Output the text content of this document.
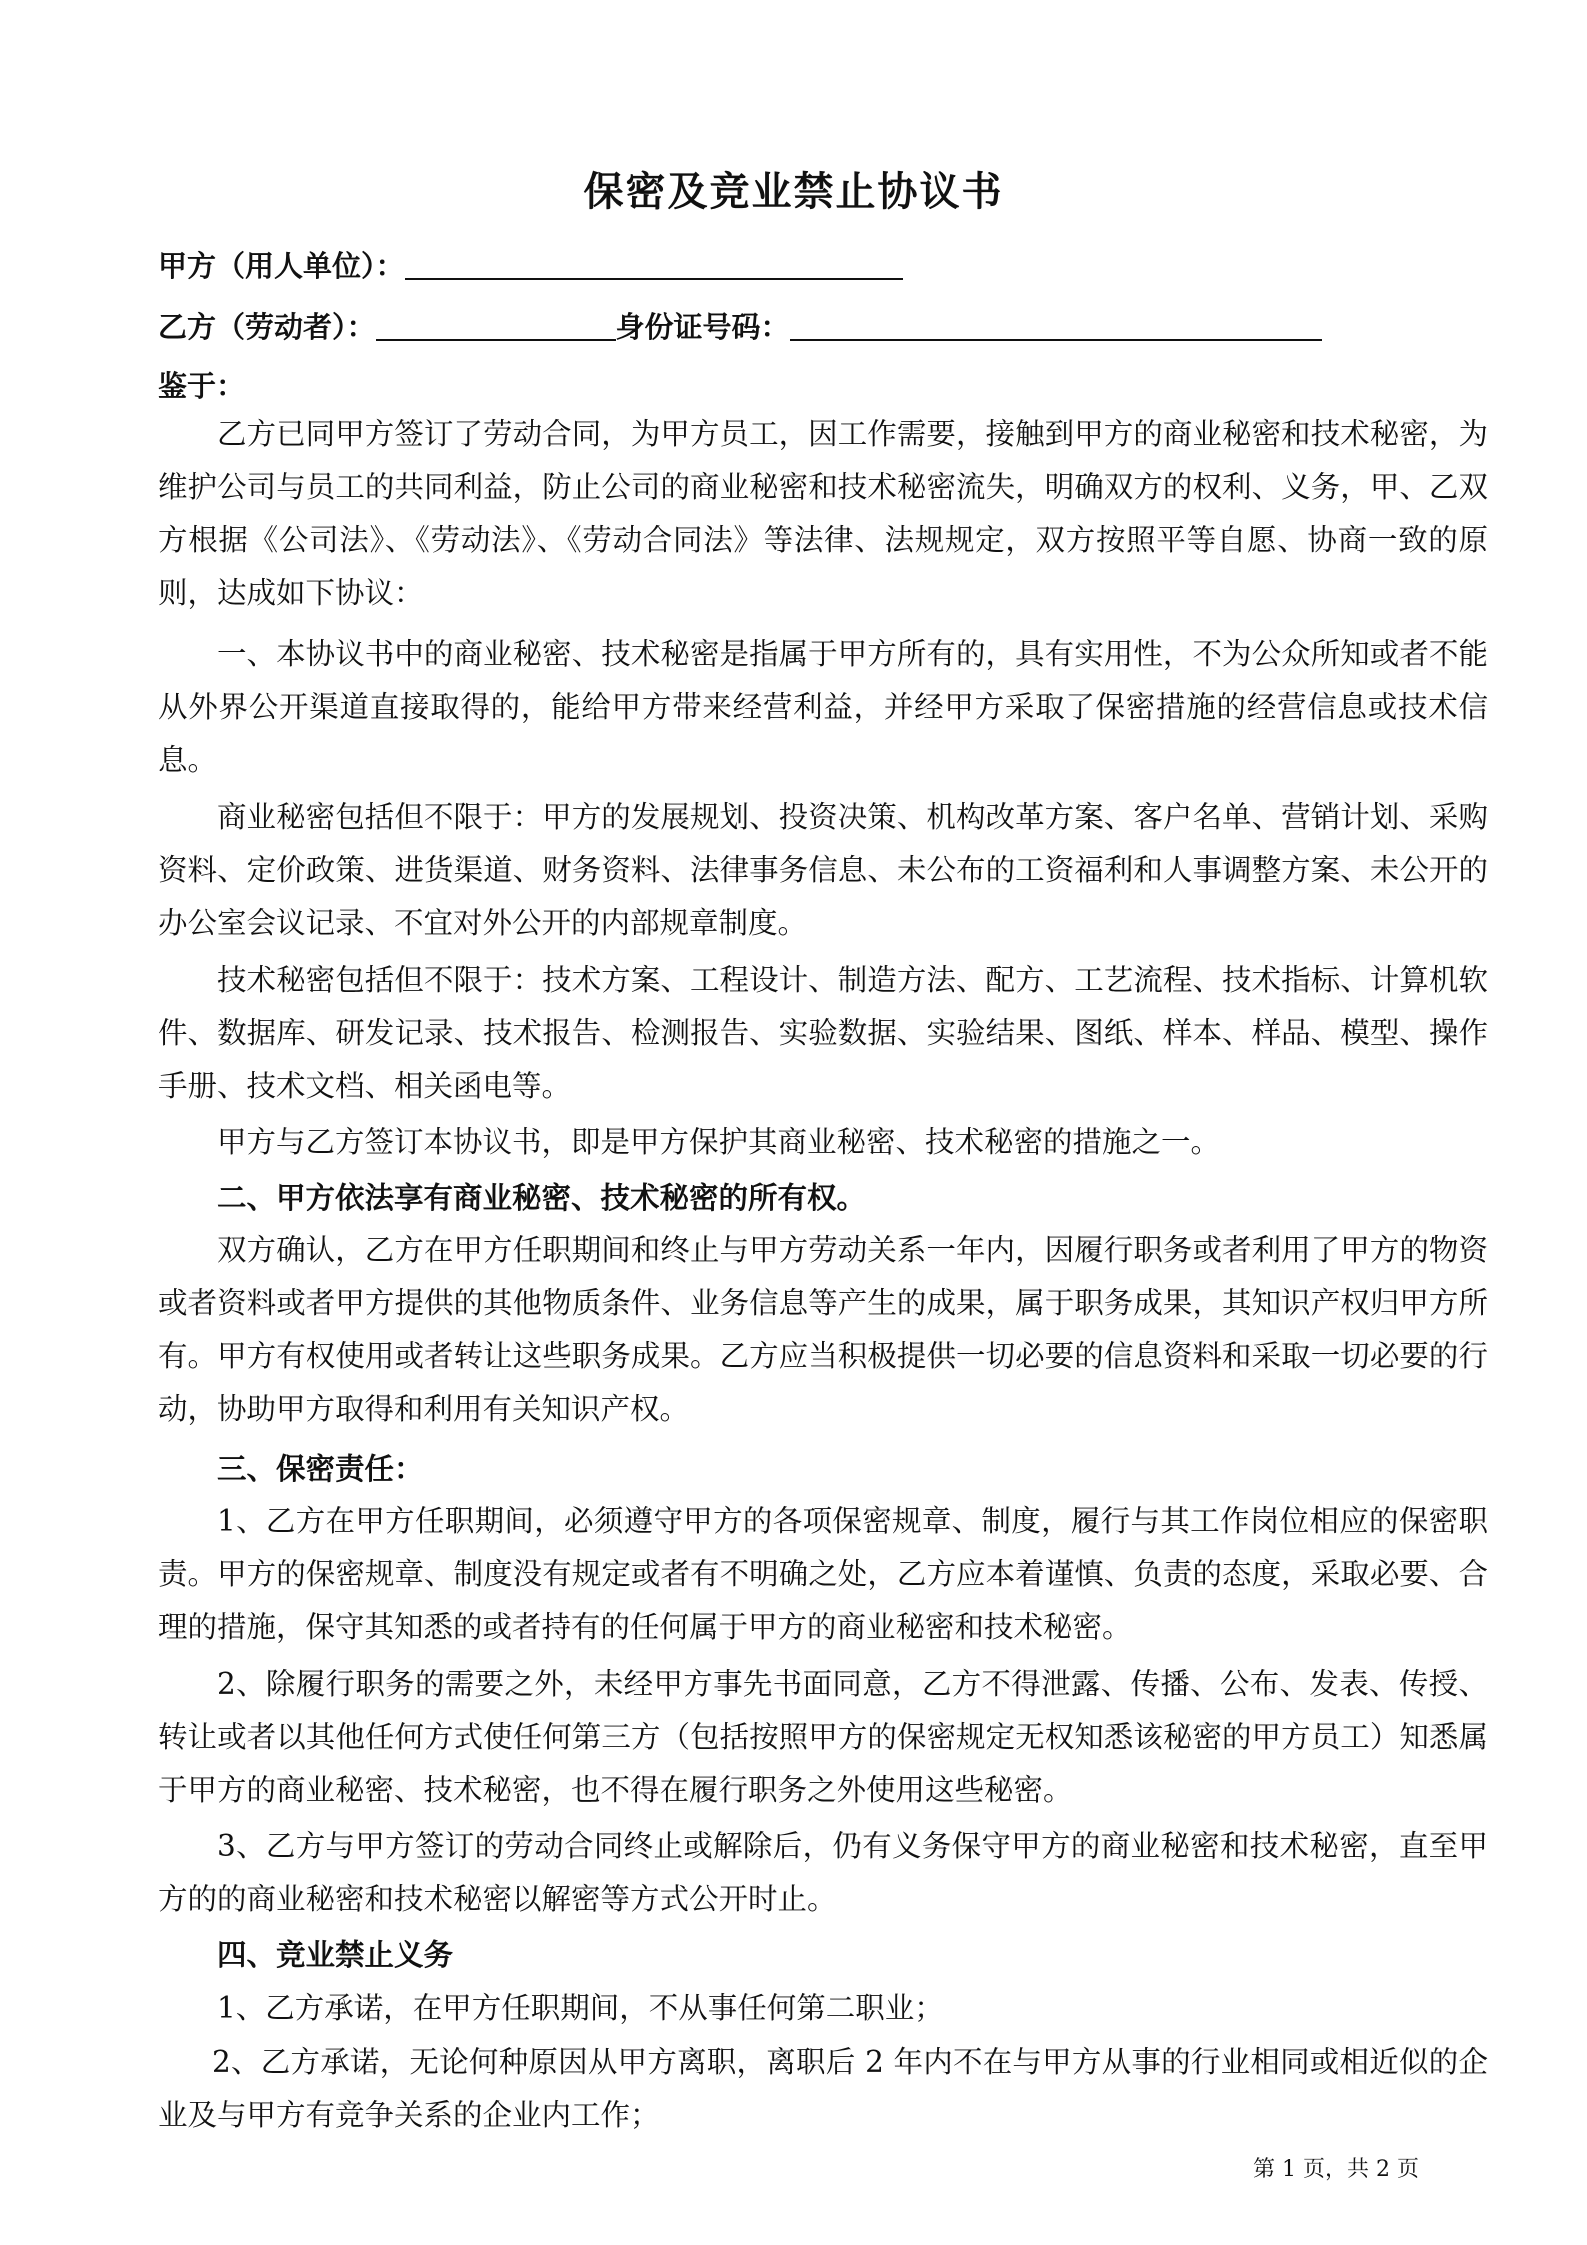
保密及竞业禁止协议书
甲方（用人单位）：
乙方（劳动者）：	身份证号码：
鉴于：

乙方已同甲方签订了劳动合同，为甲方员工，因工作需要，接触到甲方的商业秘密和技术秘密，为维护公司与员工的共同利益，防止公司的商业秘密和技术秘密流失，明确双方的权利、义务，甲、乙双方根据《公司法》、《劳动法》、《劳动合同法》等法律、法规规定，双方按照平等自愿、协商一致的原则，达成如下协议：

一、本协议书中的商业秘密、技术秘密是指属于甲方所有的，具有实用性，不为公众所知或者不能从外界公开渠道直接取得的，能给甲方带来经营利益，并经甲方采取了保密措施的经营信息或技术信息。

商业秘密包括但不限于：甲方的发展规划、投资决策、机构改革方案、客户名单、营销计划、采购资料、定价政策、进货渠道、财务资料、法律事务信息、未公布的工资福利和人事调整方案、未公开的办公室会议记录、不宜对外公开的内部规章制度。

技术秘密包括但不限于：技术方案、工程设计、制造方法、配方、工艺流程、技术指标、计算机软件、数据库、研发记录、技术报告、检测报告、实验数据、实验结果、图纸、样本、样品、模型、操作手册、技术文档、相关函电等。

甲方与乙方签订本协议书，即是甲方保护其商业秘密、技术秘密的措施之一。

二、甲方依法享有商业秘密、技术秘密的所有权。

双方确认，乙方在甲方任职期间和终止与甲方劳动关系一年内，因履行职务或者利用了甲方的物资或者资料或者甲方提供的其他物质条件、业务信息等产生的成果，属于职务成果，其知识产权归甲方所有。甲方有权使用或者转让这些职务成果。乙方应当积极提供一切必要的信息资料和采取一切必要的行动，协助甲方取得和利用有关知识产权。

三、保密责任：

1、乙方在甲方任职期间，必须遵守甲方的各项保密规章、制度，履行与其工作岗位相应的保密职责。甲方的保密规章、制度没有规定或者有不明确之处，乙方应本着谨慎、负责的态度，采取必要、合理的措施，保守其知悉的或者持有的任何属于甲方的商业秘密和技术秘密。

2、除履行职务的需要之外，未经甲方事先书面同意，乙方不得泄露、传播、公布、发表、传授、转让或者以其他任何方式使任何第三方（包括按照甲方的保密规定无权知悉该秘密的甲方员工）知悉属于甲方的商业秘密、技术秘密，也不得在履行职务之外使用这些秘密。

3、乙方与甲方签订的劳动合同终止或解除后，仍有义务保守甲方的商业秘密和技术秘密，直至甲方的的商业秘密和技术秘密以解密等方式公开时止。

四、竞业禁止义务

1、乙方承诺，在甲方任职期间，不从事任何第二职业；

2、乙方承诺，无论何种原因从甲方离职，离职后 2 年内不在与甲方从事的行业相同或相近似的企业及与甲方有竞争关系的企业内工作；

第 1 页，共 2 页
